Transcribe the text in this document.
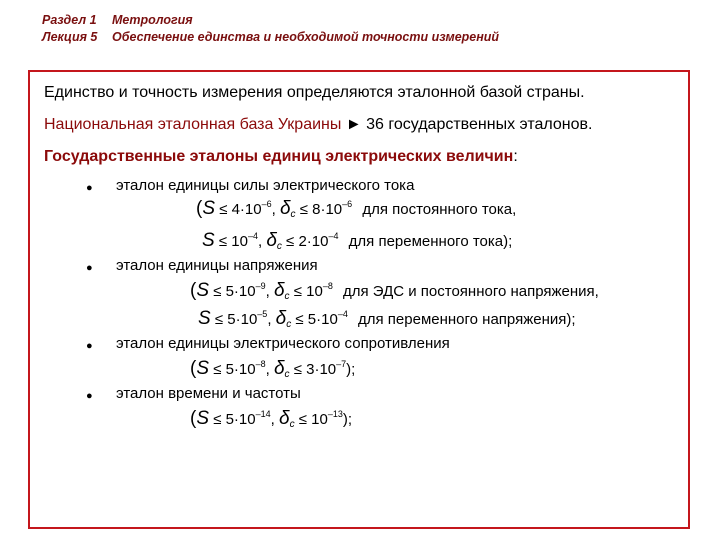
Раздел 1 Метрология
Лекция 5 Обеспечение единства и необходимой точности измерений
Единство и точность измерения определяются эталонной базой страны.
Национальная эталонная база Украины ► 36 государственных эталонов.
Государственные эталоны единиц электрических величин:
● эталон единицы силы электрического тока
($S \le 4\cdot 10^{-6}$, $\delta_c \le 8\cdot 10^{-6}$ для постоянного тока,
$S \le 10^{-4}$, $\delta_c \le 2\cdot 10^{-4}$ для переменного тока);
● эталон единицы напряжения
($S \le 5\cdot 10^{-9}$, $\delta_c \le 10^{-8}$ для ЭДС и постоянного напряжения,
$S \le 5\cdot 10^{-5}$, $\delta_c \le 5\cdot 10^{-4}$ для переменного напряжения);
● эталон единицы электрического сопротивления
($S \le 5\cdot 10^{-8}$, $\delta_c \le 3\cdot 10^{-7}$);
● эталон времени и частоты
($S \le 5\cdot 10^{-14}$, $\delta_c \le 10^{-13}$);
